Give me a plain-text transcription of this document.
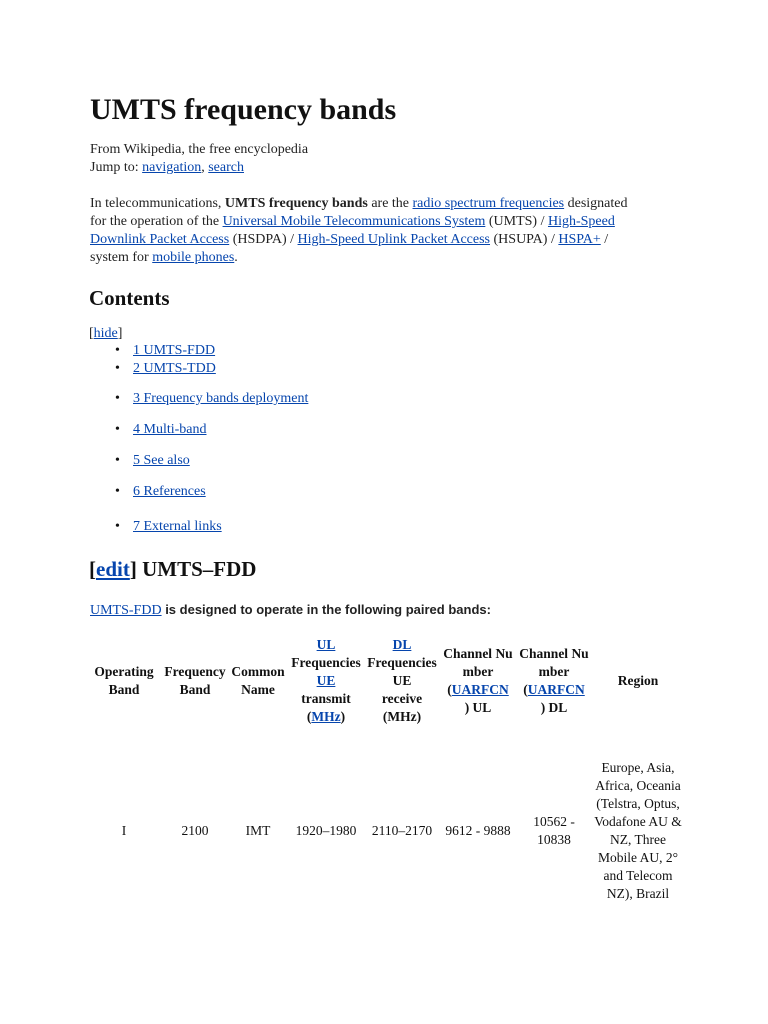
UMTS frequency bands
From Wikipedia, the free encyclopedia
Jump to: navigation, search
In telecommunications, UMTS frequency bands are the radio spectrum frequencies designated
for the operation of the Universal Mobile Telecommunications System (UMTS) / High-Speed
Downlink Packet Access (HSDPA) / High-Speed Uplink Packet Access (HSUPA) / HSPA+ /
system for mobile phones.
Contents
[hide]
• 1 UMTS-FDD
• 2 UMTS-TDD
• 3 Frequency bands deployment
• 4 Multi-band
• 5 See also
• 6 References
• 7 External links
[edit] UMTS–FDD
UMTS-FDD is designed to operate in the following paired bands:
Operating Band	Frequency Band	Common Name	UL
Frequencies UE
transmit
(MHz)	DL
Frequencies UE
receive
(MHz)	Channel Number
(UARFCN
) UL	Channel Number
(UARFCN
) DL	Region
I	2100	IMT	1920–1980	2110–2170	9612 - 9888	10562 - 10838	Europe, Asia, Africa, Oceania (Telstra, Optus, Vodafone AU & NZ, Three Mobile AU, 2° and Telecom NZ), Brazil
